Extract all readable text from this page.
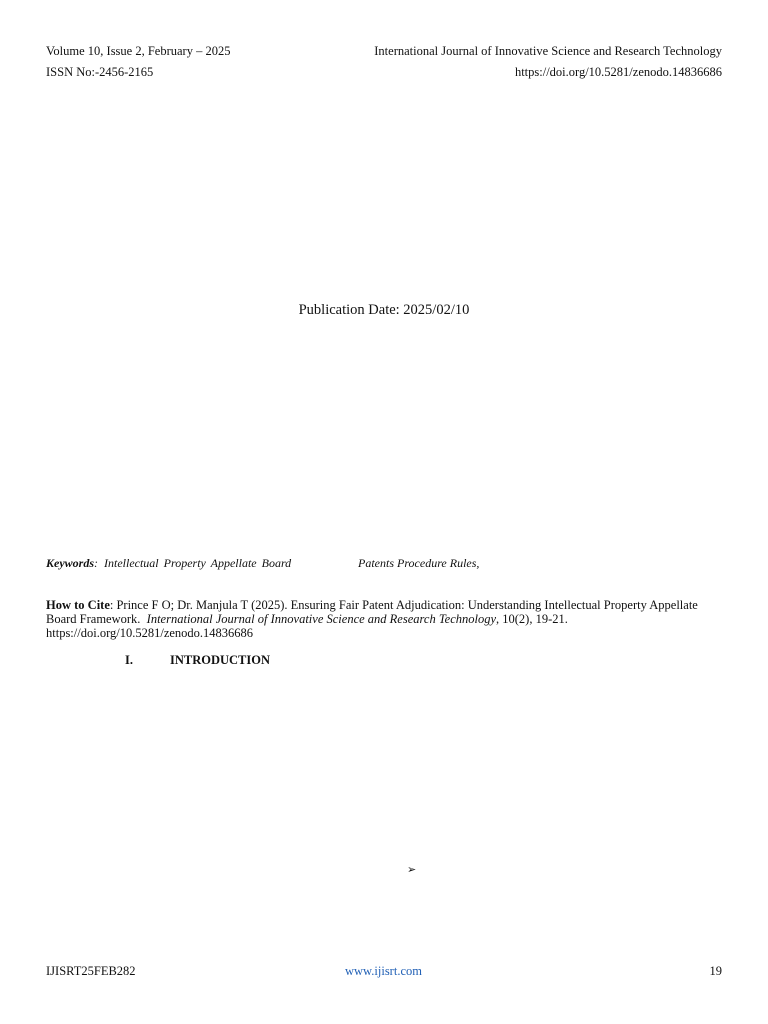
Volume 10, Issue 2, February – 2025	International Journal of Innovative Science and Research Technology
ISSN No:-2456-2165	https://doi.org/10.5281/zenodo.14836686
Publication Date: 2025/02/10
Keywords: Intellectual Property Appellate Board	Patents Procedure Rules,
How to Cite: Prince F O; Dr. Manjula T (2025). Ensuring Fair Patent Adjudication: Understanding Intellectual Property Appellate Board Framework. International Journal of Innovative Science and Research Technology, 10(2), 19-21.
https://doi.org/10.5281/zenodo.14836686
I.	INTRODUCTION
➢
IJISRT25FEB282	www.ijisrt.com	19
